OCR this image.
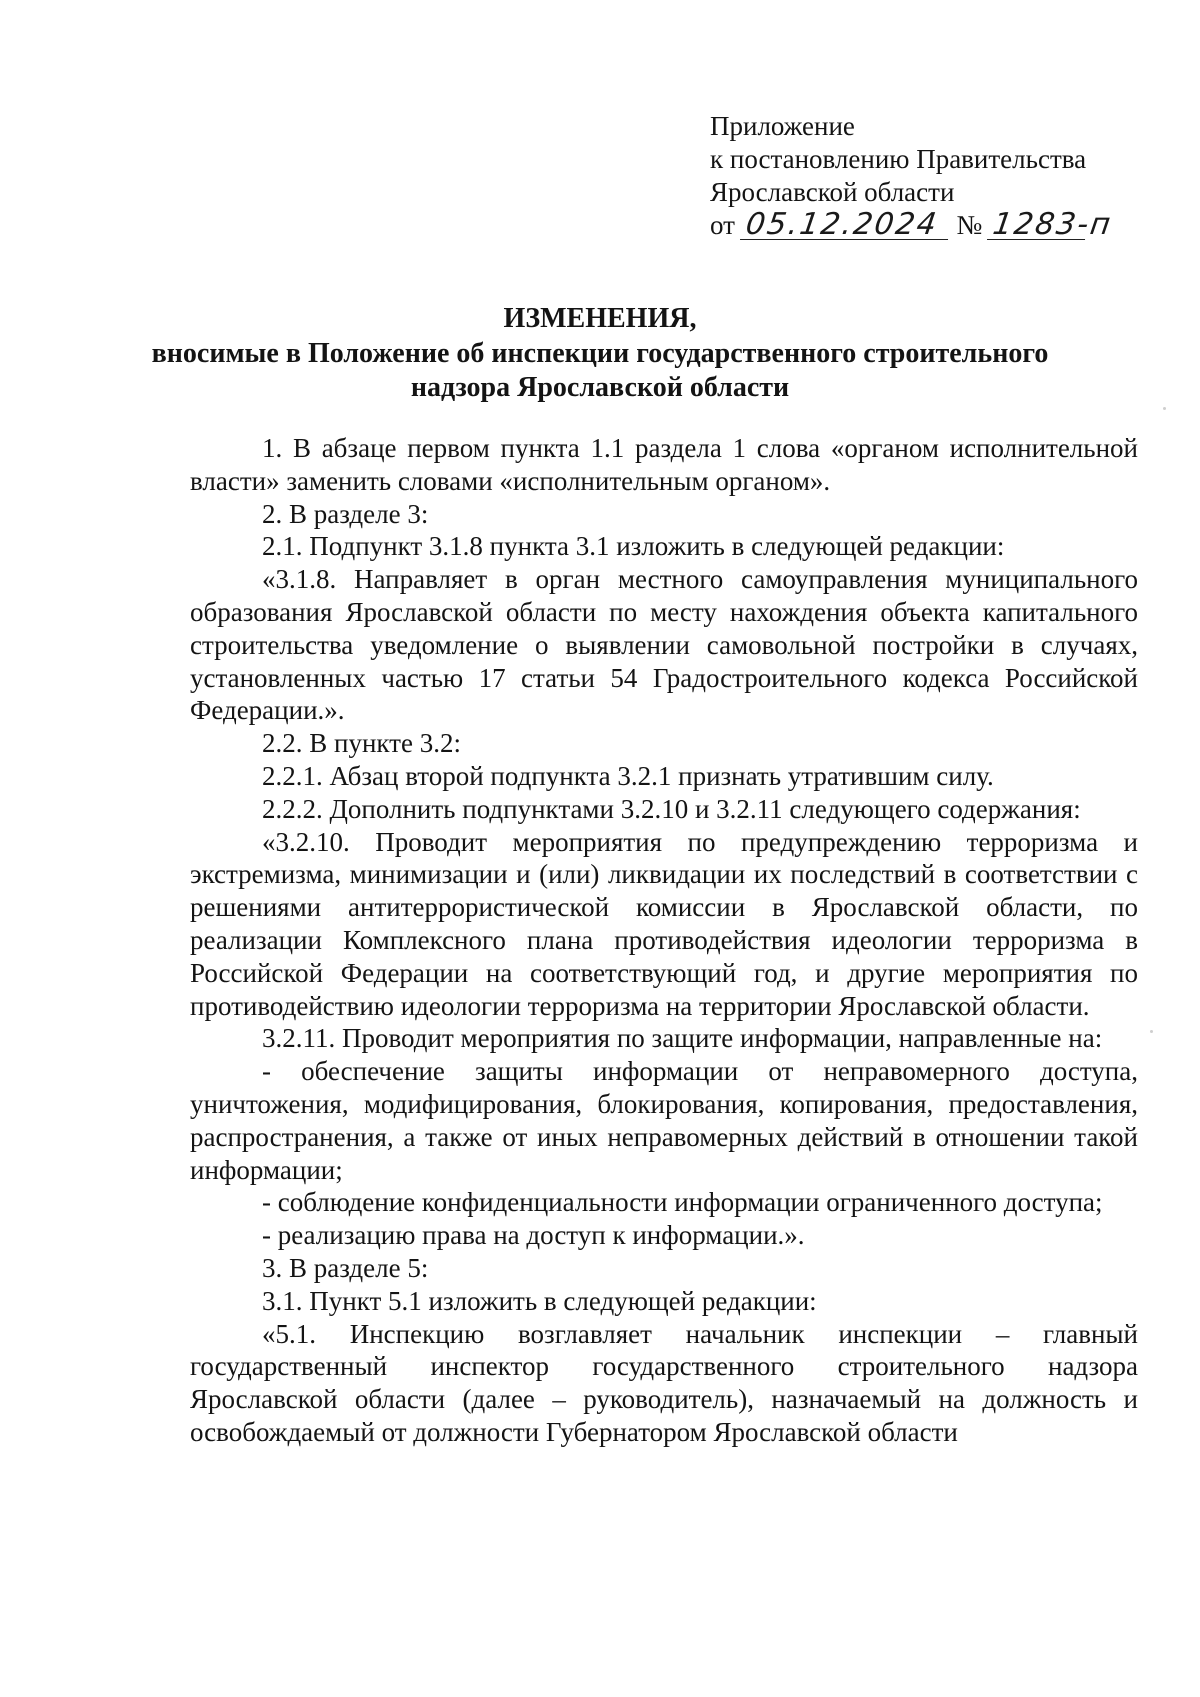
Приложение
к постановлению Правительства
Ярославской области
от 05.12.2024 № 1283-п
ИЗМЕНЕНИЯ,
вносимые в Положение об инспекции государственного строительного
надзора Ярославской области

1. В абзаце первом пункта 1.1 раздела 1 слова «органом исполнительной власти» заменить словами «исполнительным органом».

2. В разделе 3:

2.1. Подпункт 3.1.8 пункта 3.1 изложить в следующей редакции:

«3.1.8. Направляет в орган местного самоуправления муниципального образования Ярославской области по месту нахождения объекта капитального строительства уведомление о выявлении самовольной постройки в случаях, установленных частью 17 статьи 54 Градостроительного кодекса Российской Федерации.».

2.2. В пункте 3.2:

2.2.1. Абзац второй подпункта 3.2.1 признать утратившим силу.

2.2.2. Дополнить подпунктами 3.2.10 и 3.2.11 следующего содержания:

«3.2.10. Проводит мероприятия по предупреждению терроризма и экстремизма, минимизации и (или) ликвидации их последствий в соответствии с решениями антитеррористической комиссии в Ярославской области, по реализации Комплексного плана противодействия идеологии терроризма в Российской Федерации на соответствующий год, и другие мероприятия по противодействию идеологии терроризма на территории Ярославской области.

3.2.11. Проводит мероприятия по защите информации, направленные на:

- обеспечение защиты информации от неправомерного доступа, уничтожения, модифицирования, блокирования, копирования, предоставления, распространения, а также от иных неправомерных действий в отношении такой информации;

- соблюдение конфиденциальности информации ограниченного доступа;

- реализацию права на доступ к информации.».

3. В разделе 5:

3.1. Пункт 5.1 изложить в следующей редакции:

«5.1. Инспекцию возглавляет начальник инспекции – главный государственный инспектор государственного строительного надзора Ярославской области (далее – руководитель), назначаемый на должность и освобождаемый от должности Губернатором Ярославской области
